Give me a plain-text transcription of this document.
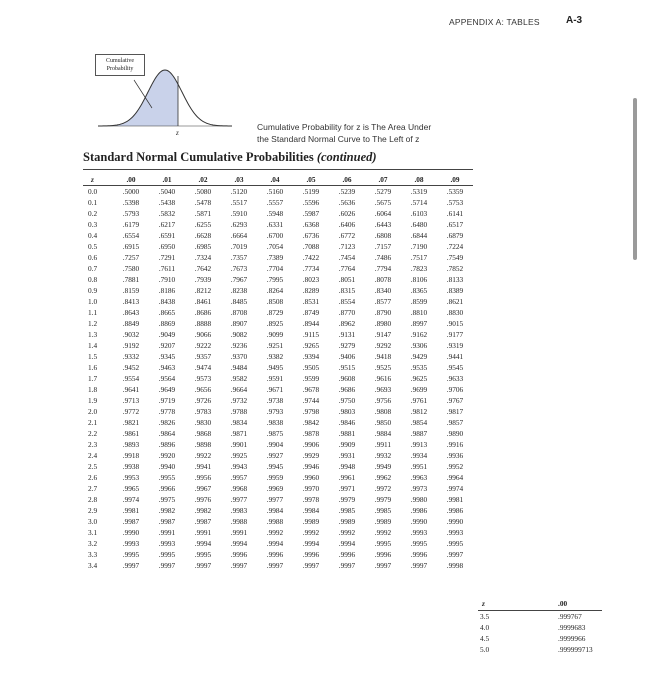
APPENDIX A: TABLES	A-3
Cumulative
Probability
z
Cumulative Probability for z is The Area Under
the Standard Normal Curve to The Left of z
Standard Normal Cumulative Probabilities (continued)
z	.00	.01	.02	.03	.04	.05	.06	.07	.08	.09
0.0	.5000	.5040	.5080	.5120	.5160	.5199	.5239	.5279	.5319	.5359
0.1	.5398	.5438	.5478	.5517	.5557	.5596	.5636	.5675	.5714	.5753
0.2	.5793	.5832	.5871	.5910	.5948	.5987	.6026	.6064	.6103	.6141
0.3	.6179	.6217	.6255	.6293	.6331	.6368	.6406	.6443	.6480	.6517
0.4	.6554	.6591	.6628	.6664	.6700	.6736	.6772	.6808	.6844	.6879
0.5	.6915	.6950	.6985	.7019	.7054	.7088	.7123	.7157	.7190	.7224
0.6	.7257	.7291	.7324	.7357	.7389	.7422	.7454	.7486	.7517	.7549
0.7	.7580	.7611	.7642	.7673	.7704	.7734	.7764	.7794	.7823	.7852
0.8	.7881	.7910	.7939	.7967	.7995	.8023	.8051	.8078	.8106	.8133
0.9	.8159	.8186	.8212	.8238	.8264	.8289	.8315	.8340	.8365	.8389
1.0	.8413	.8438	.8461	.8485	.8508	.8531	.8554	.8577	.8599	.8621
1.1	.8643	.8665	.8686	.8708	.8729	.8749	.8770	.8790	.8810	.8830
1.2	.8849	.8869	.8888	.8907	.8925	.8944	.8962	.8980	.8997	.9015
1.3	.9032	.9049	.9066	.9082	.9099	.9115	.9131	.9147	.9162	.9177
1.4	.9192	.9207	.9222	.9236	.9251	.9265	.9279	.9292	.9306	.9319
1.5	.9332	.9345	.9357	.9370	.9382	.9394	.9406	.9418	.9429	.9441
1.6	.9452	.9463	.9474	.9484	.9495	.9505	.9515	.9525	.9535	.9545
1.7	.9554	.9564	.9573	.9582	.9591	.9599	.9608	.9616	.9625	.9633
1.8	.9641	.9649	.9656	.9664	.9671	.9678	.9686	.9693	.9699	.9706
1.9	.9713	.9719	.9726	.9732	.9738	.9744	.9750	.9756	.9761	.9767
2.0	.9772	.9778	.9783	.9788	.9793	.9798	.9803	.9808	.9812	.9817
2.1	.9821	.9826	.9830	.9834	.9838	.9842	.9846	.9850	.9854	.9857
2.2	.9861	.9864	.9868	.9871	.9875	.9878	.9881	.9884	.9887	.9890
2.3	.9893	.9896	.9898	.9901	.9904	.9906	.9909	.9911	.9913	.9916
2.4	.9918	.9920	.9922	.9925	.9927	.9929	.9931	.9932	.9934	.9936
2.5	.9938	.9940	.9941	.9943	.9945	.9946	.9948	.9949	.9951	.9952
2.6	.9953	.9955	.9956	.9957	.9959	.9960	.9961	.9962	.9963	.9964
2.7	.9965	.9966	.9967	.9968	.9969	.9970	.9971	.9972	.9973	.9974
2.8	.9974	.9975	.9976	.9977	.9977	.9978	.9979	.9979	.9980	.9981
2.9	.9981	.9982	.9982	.9983	.9984	.9984	.9985	.9985	.9986	.9986
3.0	.9987	.9987	.9987	.9988	.9988	.9989	.9989	.9989	.9990	.9990
3.1	.9990	.9991	.9991	.9991	.9992	.9992	.9992	.9992	.9993	.9993
3.2	.9993	.9993	.9994	.9994	.9994	.9994	.9994	.9995	.9995	.9995
3.3	.9995	.9995	.9995	.9996	.9996	.9996	.9996	.9996	.9996	.9997
3.4	.9997	.9997	.9997	.9997	.9997	.9997	.9997	.9997	.9997	.9998
z	.00
3.5	.999767
4.0	.9999683
4.5	.9999966
5.0	.999999713
